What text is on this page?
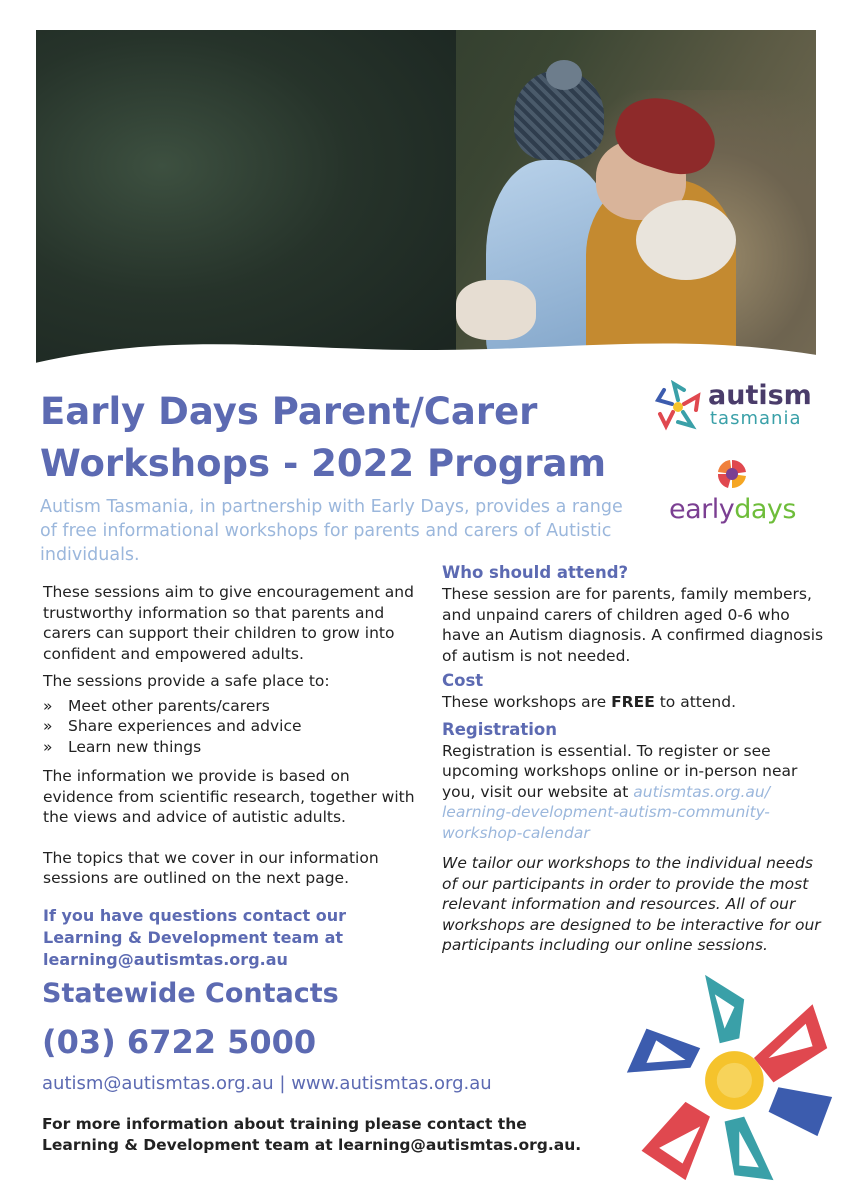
autism
tasmania
earlydays
Early Days Parent/Carer
Workshops - 2022 Program
Autism Tasmania, in partnership with Early Days, provides a range of free informational workshops for parents and carers of Autistic individuals.

These sessions aim to give encouragement and trustworthy information so that parents and carers can support their children to grow into confident and empowered adults.

The sessions provide a safe place to:

» Meet other parents/carers
» Share experiences and advice
» Learn new things

The information we provide is based on evidence from scientific research, together with the views and advice of autistic adults.

The topics that we cover in our information sessions are outlined on the next page.

If you have questions contact our Learning & Development team at learning@autismtas.org.au

Who should attend?

These session are for parents, family members, and unpaind carers of children aged 0-6 who have an Autism diagnosis. A confirmed diagnosis of autism is not needed.

Cost

These workshops are FREE to attend.

Registration

Registration is essential. To register or see upcoming workshops online or in-person near you, visit our website at autismtas.org.au/ learning-development-autism-community-workshop-calendar

We tailor our workshops to the individual needs of our participants in order to provide the most relevant information and resources. All of our workshops are designed to be interactive for our participants including our online sessions.

Statewide Contacts
(03) 6722 5000
autism@autismtas.org.au | www.autismtas.org.au
For more information about training please contact the Learning & Development team at learning@autismtas.org.au.
